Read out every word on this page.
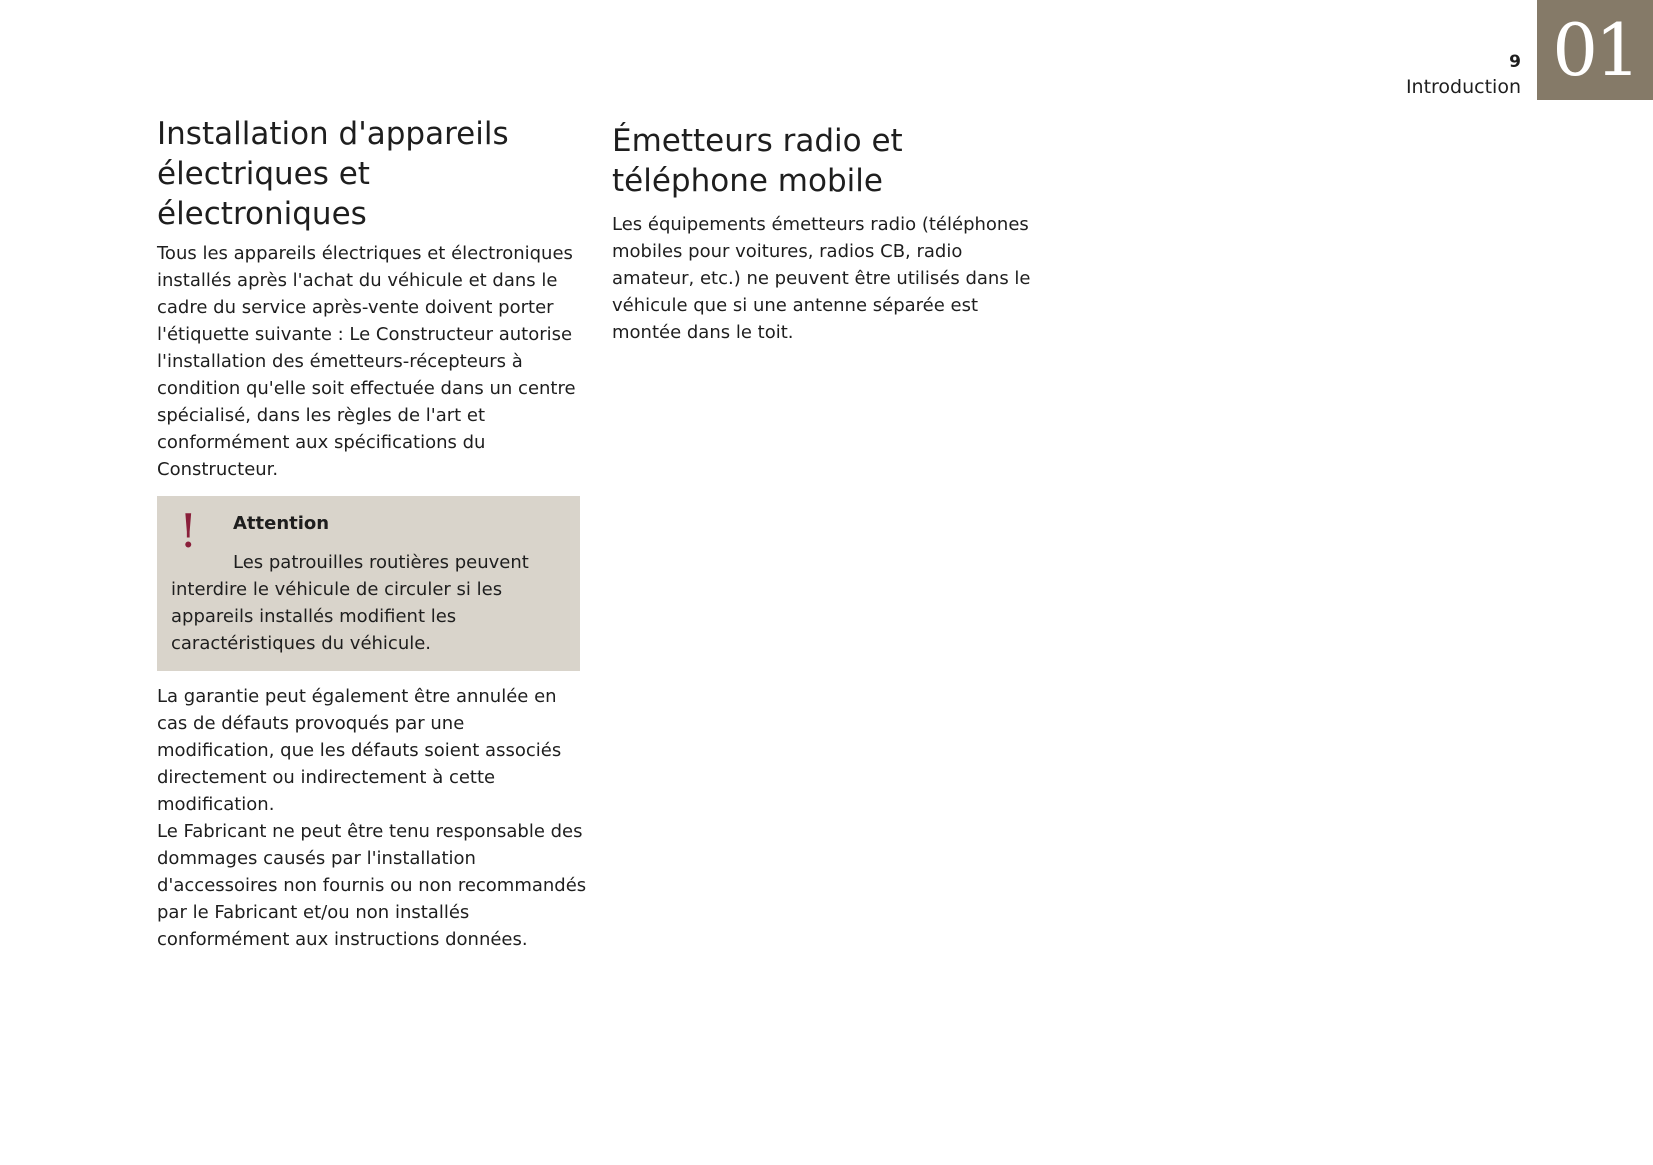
01
9
Introduction
Installation d'appareils électriques et électroniques

Tous les appareils électriques et électroniques installés après l'achat du véhicule et dans le cadre du service après-vente doivent porter l'étiquette suivante : Le Constructeur autorise l'installation des émetteurs-récepteurs à condition qu'elle soit effectuée dans un centre spécialisé, dans les règles de l'art et conformément aux spécifications du Constructeur.

! Attention

Les patrouilles routières peuvent interdire le véhicule de circuler si les appareils installés modifient les caractéristiques du véhicule.

La garantie peut également être annulée en cas de défauts provoqués par une modification, que les défauts soient associés directement ou indirectement à cette modification.

Le Fabricant ne peut être tenu responsable des dommages causés par l'installation d'accessoires non fournis ou non recommandés par le Fabricant et/ou non installés conformément aux instructions données.

Émetteurs radio et téléphone mobile

Les équipements émetteurs radio (téléphones mobiles pour voitures, radios CB, radio amateur, etc.) ne peuvent être utilisés dans le véhicule que si une antenne séparée est montée dans le toit.
